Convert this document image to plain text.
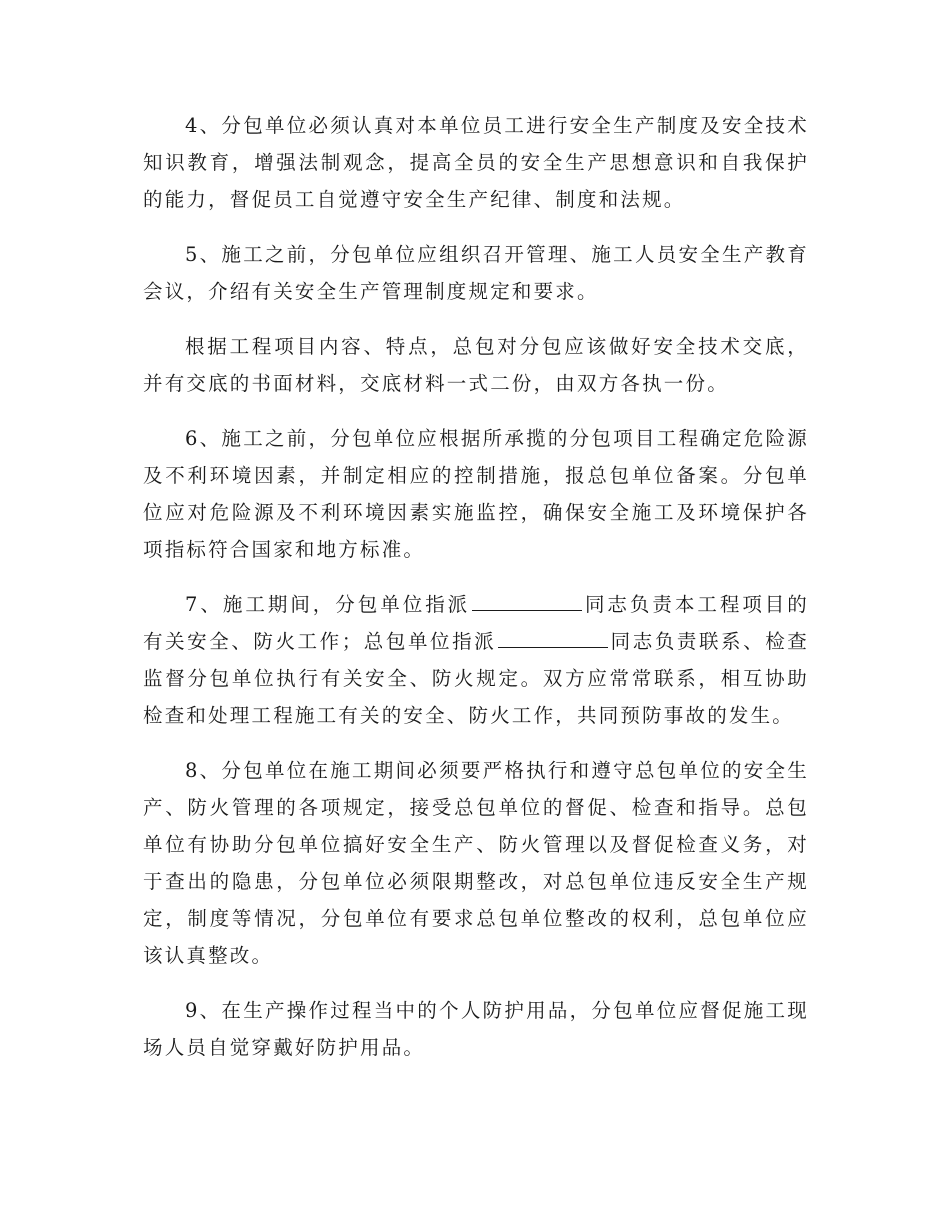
4、分包单位必须认真对本单位员工进行安全生产制度及安全技术知识教育，增强法制观念，提高全员的安全生产思想意识和自我保护的能力，督促员工自觉遵守安全生产纪律、制度和法规。

5、施工之前，分包单位应组织召开管理、施工人员安全生产教育会议，介绍有关安全生产管理制度规定和要求。

根据工程项目内容、特点，总包对分包应该做好安全技术交底，并有交底的书面材料，交底材料一式二份，由双方各执一份。

6、施工之前，分包单位应根据所承揽的分包项目工程确定危险源及不利环境因素，并制定相应的控制措施，报总包单位备案。分包单位应对危险源及不利环境因素实施监控，确保安全施工及环境保护各项指标符合国家和地方标准。

7、施工期间，分包单位指派	同志负责本工程项目的有关安全、防火工作；总包单位指派	同志负责联系、检查监督分包单位执行有关安全、防火规定。双方应常常联系，相互协助检查和处理工程施工有关的安全、防火工作，共同预防事故的发生。

8、分包单位在施工期间必须要严格执行和遵守总包单位的安全生产、防火管理的各项规定，接受总包单位的督促、检查和指导。总包单位有协助分包单位搞好安全生产、防火管理以及督促检查义务，对于查出的隐患，分包单位必须限期整改，对总包单位违反安全生产规定，制度等情况，分包单位有要求总包单位整改的权利，总包单位应该认真整改。

9、在生产操作过程当中的个人防护用品，分包单位应督促施工现场人员自觉穿戴好防护用品。
